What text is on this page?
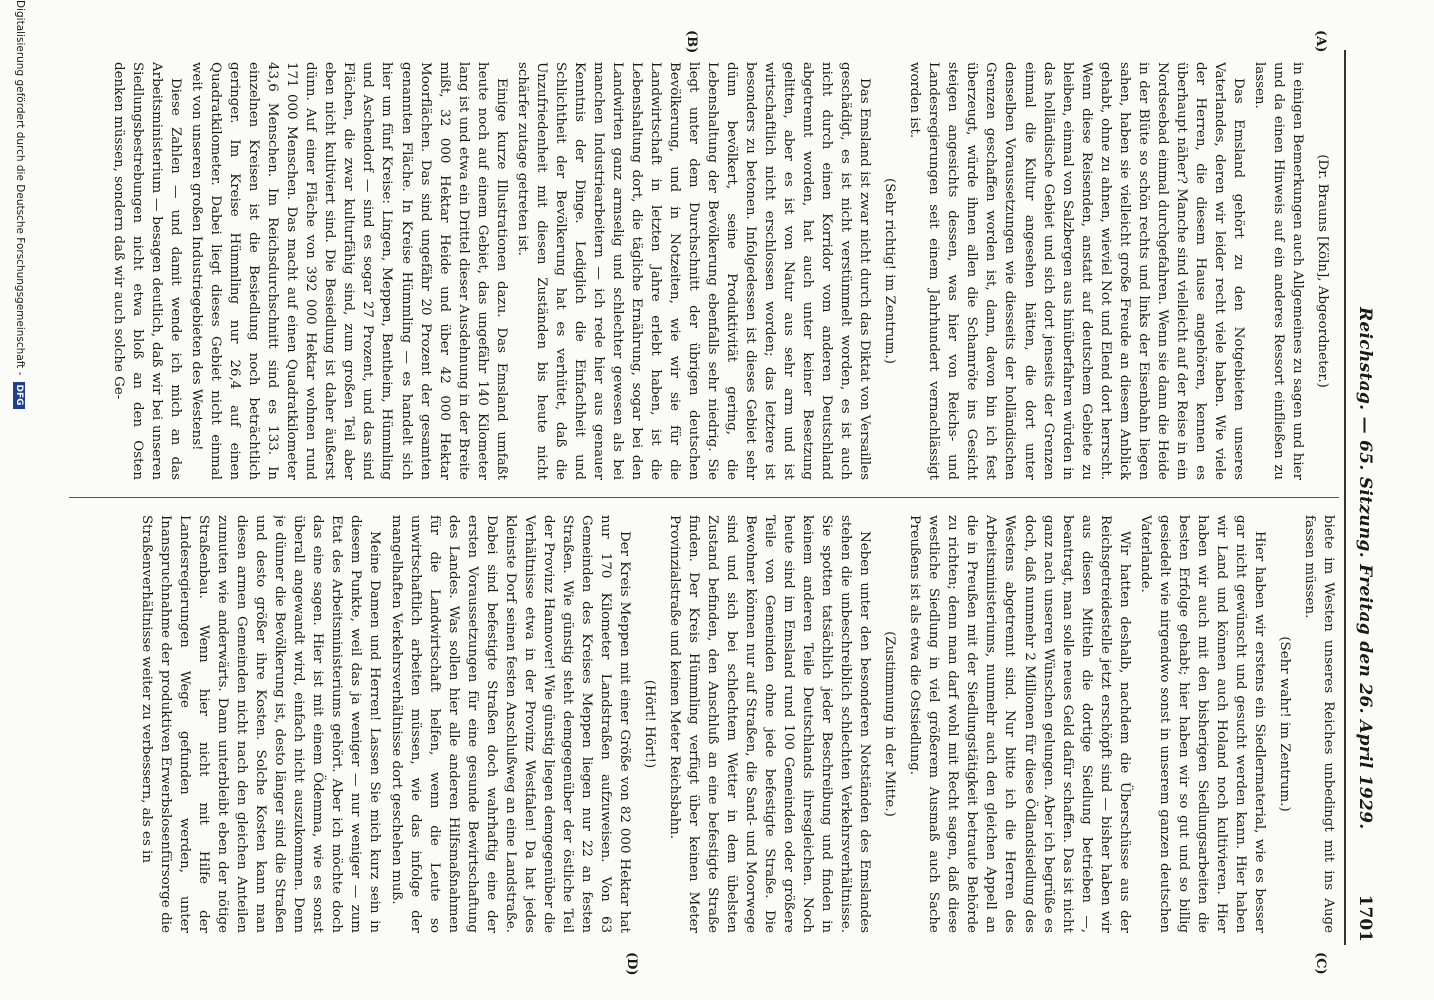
Reichstag. — 65. Sitzung. Freitag den 26. April 1929.
1701
(A)
(B)
(C)
(D)

(Dr. Brauns [Köln], Abgeordneter.)

in einigen Bemerkungen auch Allgemeines zu sagen und hier und da einen Hinweis auf ein anderes Ressort einfließen zu lassen.

Das Emsland gehört zu den Notgebieten unseres Vaterlandes, deren wir leider recht viele haben. Wie viele der Herren, die diesem Hause angehören, kennen es überhaupt näher? Manche sind vielleicht auf der Reise in ein Nordseebad einmal durchgefahren. Wenn sie dann die Heide in der Blüte so schön rechts und links der Eisenbahn liegen sahen, haben sie vielleicht große Freude an diesem Anblick gehabt, ohne zu ahnen, wieviel Not und Elend dort herrscht. Wenn diese Reisenden, anstatt auf deutschem Gebiete zu bleiben, einmal von Salzbergen aus hinüberfahren würden in das holländische Gebiet und sich dort jenseits der Grenzen einmal die Kultur angesehen hätten, die dort unter denselben Voraussetzungen wie diesseits der holländischen Grenzen geschaffen worden ist, dann, davon bin ich fest überzeugt, würde ihnen allen die Schamröte ins Gesicht steigen angesichts dessen, was hier von Reichs- und Landesregierungen seit einem Jahrhundert vernachlässigt worden ist.

(Sehr richtig! im Zentrum.)

Das Emsland ist zwar nicht durch das Diktat von Versailles geschädigt, es ist nicht verstümmelt worden, es ist auch nicht durch einen Korridor vom anderen Deutschland abgetrennt worden, hat auch unter keiner Besetzung gelitten, aber es ist von Natur aus sehr arm und ist wirtschaftlich nicht erschlossen worden; das letztere ist besonders zu betonen. Infolgedessen ist dieses Gebiet sehr dünn bevölkert, seine Produktivität gering, die Lebenshaltung der Bevölkerung ebenfalls sehr niedrig. Sie liegt unter dem Durchschnitt der übrigen deutschen Bevölkerung, und in Notzeiten, wie wir sie für die Landwirtschaft in letzten Jahre erlebt haben, ist die Lebenshaltung dort, die tägliche Ernährung, sogar bei den Landwirten ganz armselig und schlechter gewesen als bei manchen Industriearbeitern — ich rede hier aus genauer Kenntnis der Dinge. Lediglich die Einfachheit und Schlichtheit der Bevölkerung hat es verhütet, daß die Unzufriedenheit mit diesen Zuständen bis heute nicht schärfer zutage getreten ist.

Einige kurze Illustrationen dazu. Das Emsland umfaßt heute noch auf einem Gebiet, das ungefähr 140 Kilometer lang ist und etwa ein Drittel dieser Ausdehnung in der Breite mißt, 32 000 Hektar Heide und über 42 000 Hektar Moorflächen. Das sind ungefähr 20 Prozent der gesamten genannten Fläche. In Kreise Hümmling — es handelt sich hier um fünf Kreise: Lingen, Meppen, Bentheim, Hümmling und Aschendorf — sind es sogar 27 Prozent, und das sind Flächen, die zwar kulturfähig sind, zum großen Teil aber eben nicht kultiviert sind. Die Besiedlung ist daher äußerst dünn. Auf einer Fläche von 392 000 Hektar wohnen rund 171 000 Menschen. Das macht auf einen Quadratkilometer 43,6 Menschen. Im Reichsdurchschnitt sind es 133. In einzelnen Kreisen ist die Besiedlung noch beträchtlich geringer. Im Kreise Hümmling nur 26,4 auf einen Quadratkilometer. Dabei liegt dieses Gebiet nicht einmal weit von unseren großen Industriegebieten des Westens!

Diese Zahlen — und damit wende ich mich an das Arbeitsministerium — besagen deutlich, daß wir bei unseren Siedlungsbestrebungen nicht etwa bloß an den Osten denken müssen, sondern daß wir auch solche Ge-

biete im Westen unseres Reiches unbedingt mit ins Auge fassen müssen.

(Sehr wahr! im Zentrum.)

Hier haben wir erstens ein Siedlermaterial, wie es besser gar nicht gewünscht und gesucht werden kann. Hier haben wir Land und können auch Holand noch kultivieren. Hier haben wir auch mit den bisherigen Siedlungsarbeiten die besten Erfolge gehabt; hier haben wir so gut und so billig gesiedelt wie nirgendwo sonst in unserem ganzen deutschen Vaterlande.

Wir hatten deshalb, nachdem die Überschüsse aus der Reichsgetreidestelle jetzt erschöpft sind — bisher haben wir aus diesen Mitteln die dortige Siedlung betrieben —, beantragt, man solle neues Geld dafür schaffen. Das ist nicht ganz nach unseren Wünschen gelungen. Aber ich begrüße es doch, daß nunmehr 2 Millionen für diese Ödlandsiedlung des Westens abgetrennt sind. Nur bitte ich die Herren des Arbeitsministeriums, nunmehr auch den gleichen Appell an die in Preußen mit der Siedlungstätigkeit betraute Behörde zu richten; denn man darf wohl mit Recht sagen, daß diese westliche Siedlung in viel größerem Ausmaß auch Sache Preußens ist als etwa die Ostsiedlung.

(Zustimmung in der Mitte.)

Neben unter den besonderen Notständen des Emslandes stehen die unbeschreiblich schlechten Verkehrsverhältnisse. Sie spotten tatsächlich jeder Beschreibung und finden in keinem anderen Teile Deutschlands ihresgleichen. Noch heute sind im Emsland rund 100 Gemeinden oder größere Teile von Gemeinden ohne jede befestigte Straße. Die Bewohner können nur auf Straßen, die Sand- und Moorwege sind und sich bei schlechtem Wetter in dem übelsten Zustand befinden, den Anschluß an eine befestigte Straße finden. Der Kreis Hümmling verfügt über keinen Meter Provinzialstraße und keinen Meter Reichsbahn.

(Hört! Hört!)

Der Kreis Meppen mit einer Größe von 82 000 Hektar hat nur 170 Kilometer Landstraßen aufzuweisen. Von 63 Gemeinden des Kreises Meppen liegen nur 22 an festen Straßen. Wie günstig steht demgegenüber der östliche Teil der Provinz Hannover! Wie günstig liegen demgegenüber die Verhältnisse etwa in der Provinz Westfalen! Da hat jedes kleinste Dorf seinen festen Anschlußweg an eine Landstraße. Dabei sind befestigte Straßen doch wahrhaftig eine der ersten Voraussetzungen für eine gesunde Bewirtschaftung des Landes. Was sollen hier alle anderen Hilfsmaßnahmen für die Landwirtschaft helfen, wenn die Leute so unwirtschaftlich arbeiten müssen, wie das infolge der mangelhaften Verkehrsverhältnisse dort geschehen muß.

Meine Damen und Herren! Lassen Sie mich kurz sein in diesem Punkte, weil das ja weniger — nur weniger — zum Etat des Arbeitsministeriums gehört. Aber ich möchte doch das eine sagen. Hier ist mit einem Ödemma, wie es sonst überall angewandt wird, einfach nicht auszukommen. Denn je dünner die Bevölkerung ist, desto länger sind die Straßen und desto größer ihre Kosten. Solche Kosten kann man diesen armen Gemeinden nicht nach den gleichen Anteilen zumuten wie anderwärts. Dann unterbleibt eben der nötige Straßenbau. Wenn hier nicht mit Hilfe der Landesregierungen Wege gefunden werden, unter Inanspruchnahme der produktiven Erwerbslosenfürsorge die Straßenverhältnisse weiter zu verbessern, als es in

Digitalisierung gefördert durch die Deutsche Forschungsgemeinschaft -DFG
